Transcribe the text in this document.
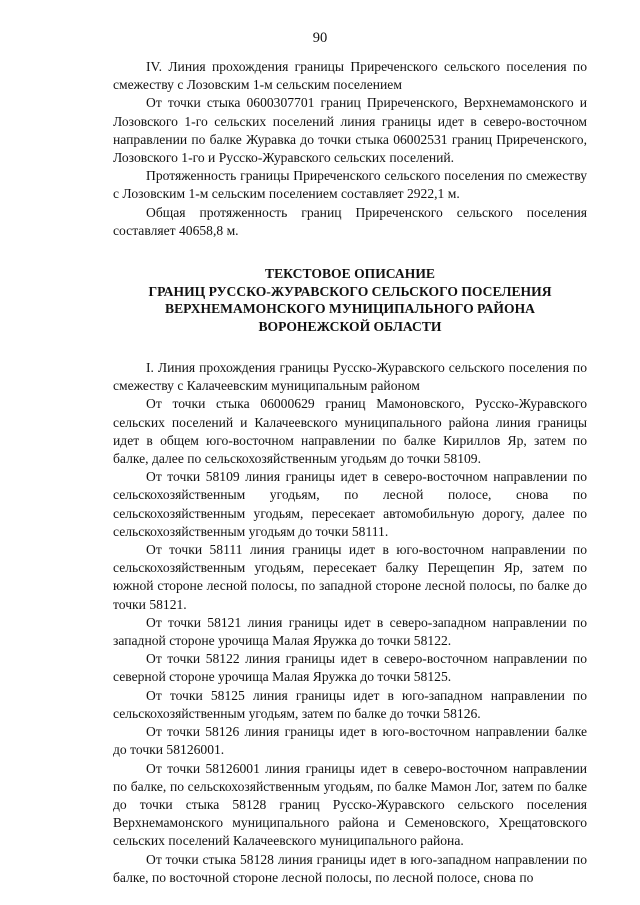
90

IV. Линия прохождения границы Приреченского сельского поселения по смежеству с Лозовским 1-м сельским поселением

От точки стыка 0600307701 границ Приреченского, Верхнемамонского и Лозовского 1-го сельских поселений линия границы идет в северо-восточном направлении по балке Журавка до точки стыка 06002531 границ Приреченского, Лозовского 1-го и Русско-Журавского сельских поселений.

Протяженность границы Приреченского сельского поселения по смежеству с Лозовским 1-м сельским поселением составляет 2922,1 м.

Общая протяженность границ Приреченского сельского поселения составляет 40658,8 м.

ТЕКСТОВОЕ ОПИСАНИЕ
ГРАНИЦ РУССКО-ЖУРАВСКОГО СЕЛЬСКОГО ПОСЕЛЕНИЯ
ВЕРХНЕМАМОНСКОГО МУНИЦИПАЛЬНОГО РАЙОНА
ВОРОНЕЖСКОЙ ОБЛАСТИ

I. Линия прохождения границы Русско-Журавского сельского поселения по смежеству с Калачеевским муниципальным районом

От точки стыка 06000629 границ Мамоновского, Русско-Журавского сельских поселений и Калачеевского муниципального района линия границы идет в общем юго-восточном направлении по балке Кириллов Яр, затем по балке, далее по сельскохозяйственным угодьям до точки 58109.

От точки 58109 линия границы идет в северо-восточном направлении по сельскохозяйственным угодьям, по лесной полосе, снова по сельскохозяйственным угодьям, пересекает автомобильную дорогу, далее по сельскохозяйственным угодьям до точки 58111.

От точки 58111 линия границы идет в юго-восточном направлении по сельскохозяйственным угодьям, пересекает балку Перещепин Яр, затем по южной стороне лесной полосы, по западной стороне лесной полосы, по балке до точки 58121.

От точки 58121 линия границы идет в северо-западном направлении по западной стороне урочища Малая Яружка до точки 58122.

От точки 58122 линия границы идет в северо-восточном направлении по северной стороне урочища Малая Яружка до точки 58125.

От точки 58125 линия границы идет в юго-западном направлении по сельскохозяйственным угодьям, затем по балке до точки 58126.

От точки 58126 линия границы идет в юго-восточном направлении балке до точки 58126001.

От точки 58126001 линия границы идет в северо-восточном направлении по балке, по сельскохозяйственным угодьям, по балке Мамон Лог, затем по балке до точки стыка 58128 границ Русско-Журавского сельского поселения Верхнемамонского муниципального района и Семеновского, Хрещатовского сельских поселений Калачеевского муниципального района.

От точки стыка 58128 линия границы идет в юго-западном направлении по балке, по восточной стороне лесной полосы, по лесной полосе, снова по
